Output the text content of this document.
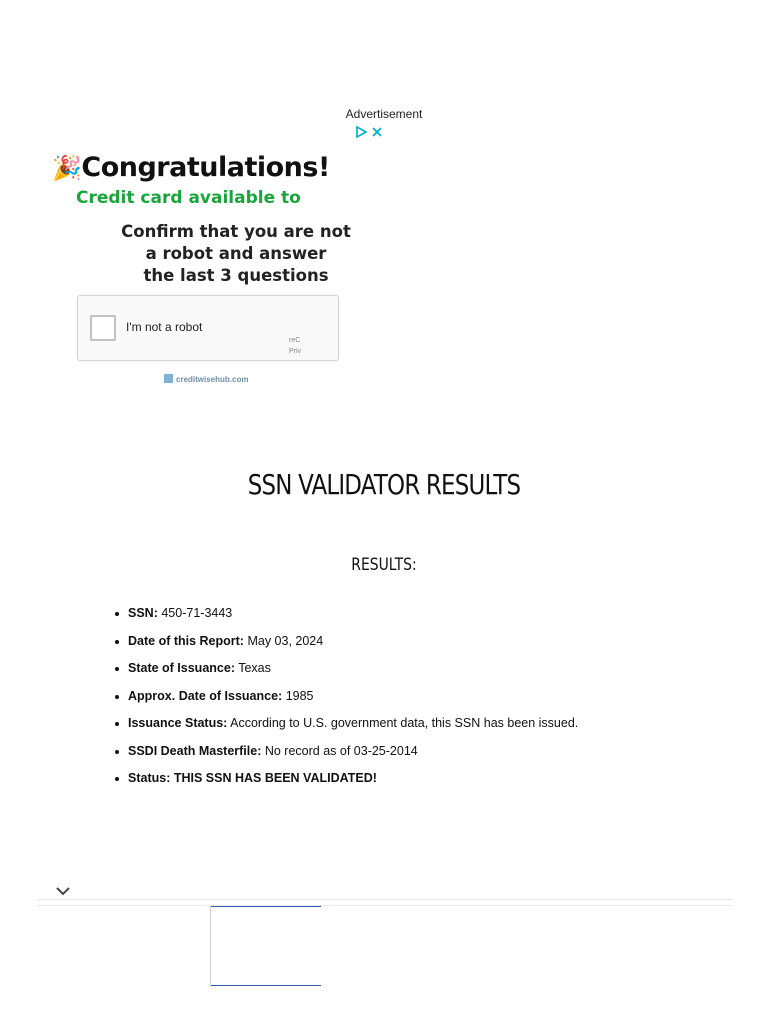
Advertisement
🎉Congratulations!
Credit card available to
Confirm that you are not
a robot and answer
the last 3 questions
I'm not a robot
reC
Priv
creditwisehub.com
SSN VALIDATOR RESULTS
RESULTS:
SSN: 450-71-3443
Date of this Report: May 03, 2024
State of Issuance: Texas
Approx. Date of Issuance: 1985
Issuance Status: According to U.S. government data, this SSN has been issued.
SSDI Death Masterfile: No record as of 03-25-2014
Status: THIS SSN HAS BEEN VALIDATED!
